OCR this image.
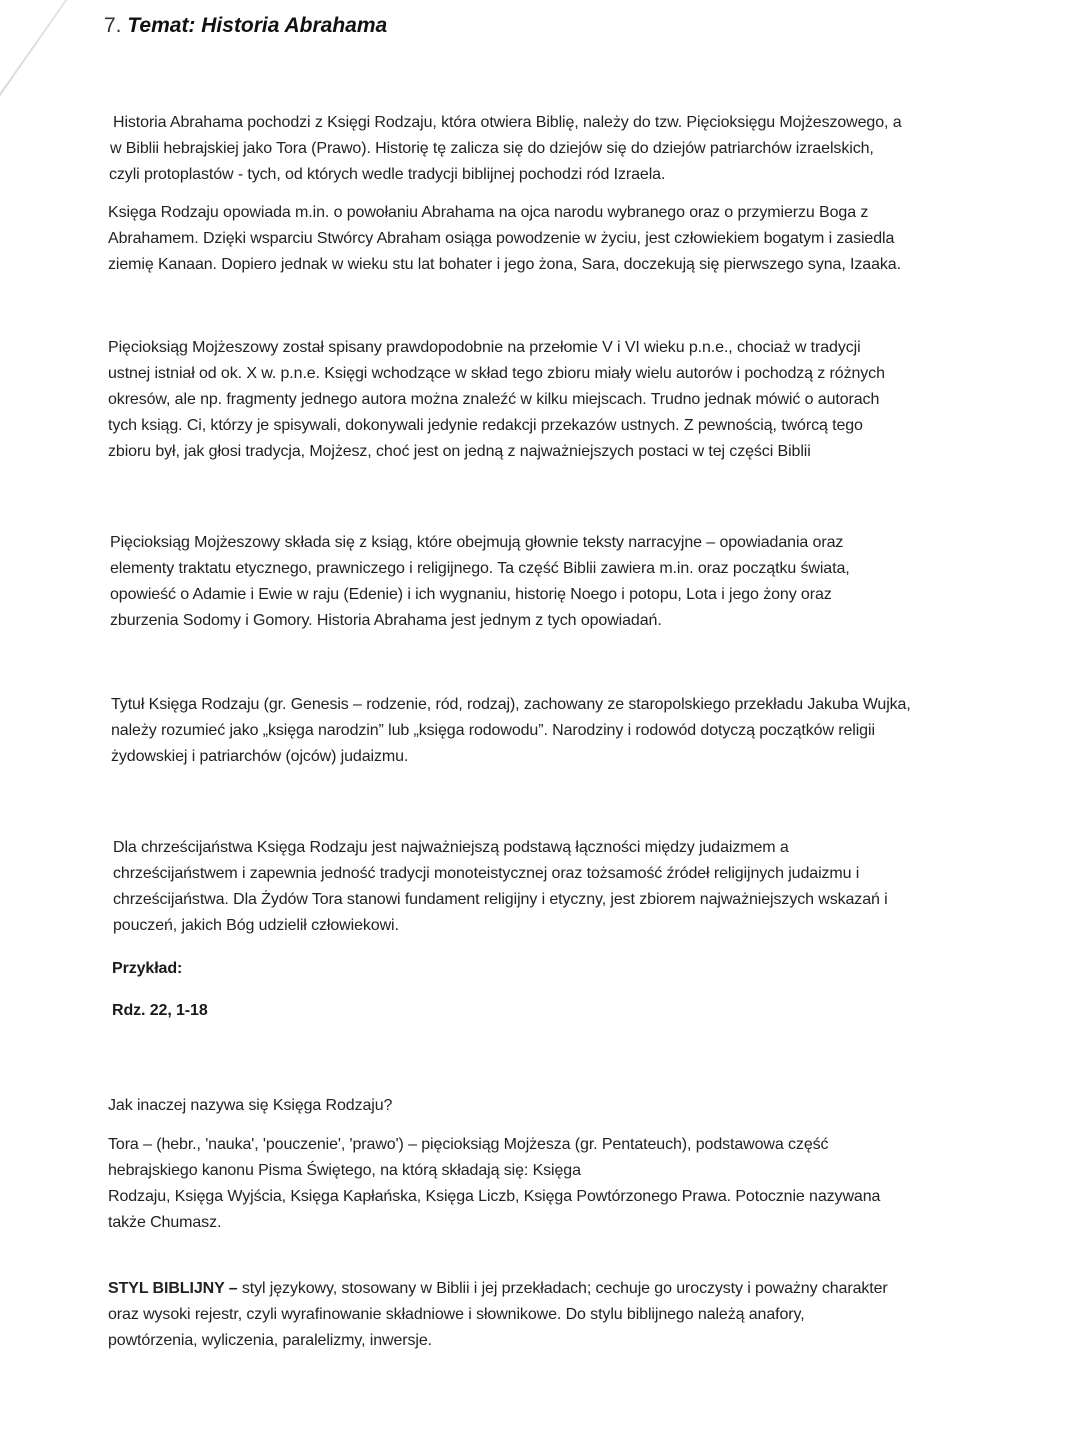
7. Temat: Historia Abrahama
Historia Abrahama pochodzi z Księgi Rodzaju, która otwiera Biblię, należy do tzw. Pięcioksięgu Mojżeszowego, a
w Biblii hebrajskiej jako Tora (Prawo). Historię tę zalicza się do dziejów się do dziejów patriarchów izraelskich,
czyli protoplastów - tych, od których wedle tradycji biblijnej pochodzi ród Izraela.
Księga Rodzaju opowiada m.in. o powołaniu Abrahama na ojca narodu wybranego oraz o przymierzu Boga z
Abrahamem. Dzięki wsparciu Stwórcy Abraham osiąga powodzenie w życiu, jest człowiekiem bogatym i zasiedla
ziemię Kanaan. Dopiero jednak w wieku stu lat bohater i jego żona, Sara, doczekują się pierwszego syna, Izaaka.
Pięcioksiąg Mojżeszowy został spisany prawdopodobnie na przełomie V i VI wieku p.n.e., chociaż w tradycji
ustnej istniał od ok. X w. p.n.e. Księgi wchodzące w skład tego zbioru miały wielu autorów i pochodzą z różnych
okresów, ale np. fragmenty jednego autora można znaleźć w kilku miejscach. Trudno jednak mówić o autorach
tych ksiąg. Ci, którzy je spisywali, dokonywali jedynie redakcji przekazów ustnych. Z pewnością, twórcą tego
zbioru był, jak głosi tradycja, Mojżesz, choć jest on jedną z najważniejszych postaci w tej części Biblii
Pięcioksiąg Mojżeszowy składa się z ksiąg, które obejmują głownie teksty narracyjne – opowiadania oraz
elementy traktatu etycznego, prawniczego i religijnego. Ta część Biblii zawiera m.in. oraz początku świata,
opowieść o Adamie i Ewie w raju (Edenie) i ich wygnaniu, historię Noego i potopu, Lota i jego żony oraz
zburzenia Sodomy i Gomory. Historia Abrahama jest jednym z tych opowiadań.
Tytuł Księga Rodzaju (gr. Genesis – rodzenie, ród, rodzaj), zachowany ze staropolskiego przekładu Jakuba Wujka,
należy rozumieć jako „księga narodzin” lub „księga rodowodu”. Narodziny i rodowód dotyczą początków religii
żydowskiej i patriarchów (ojców) judaizmu.
Dla chrześcijaństwa Księga Rodzaju jest najważniejszą podstawą łączności między judaizmem a
chrześcijaństwem i zapewnia jedność tradycji monoteistycznej oraz tożsamość źródeł religijnych judaizmu i
chrześcijaństwa. Dla Żydów Tora stanowi fundament religijny i etyczny, jest zbiorem najważniejszych wskazań i
pouczeń, jakich Bóg udzielił człowiekowi.
Przykład:
Rdz. 22, 1-18
Jak inaczej nazywa się Księga Rodzaju?
Tora – (hebr., 'nauka', 'pouczenie', 'prawo') – pięcioksiąg Mojżesza (gr. Pentateuch), podstawowa część
hebrajskiego kanonu Pisma Świętego, na którą składają się: Księga
Rodzaju, Księga Wyjścia, Księga Kapłańska, Księga Liczb, Księga Powtórzonego Prawa. Potocznie nazywana
także Chumasz.
STYL BIBLIJNY – styl językowy, stosowany w Biblii i jej przekładach; cechuje go uroczysty i poważny charakter
oraz wysoki rejestr, czyli wyrafinowanie składniowe i słownikowe. Do stylu biblijnego należą anafory,
powtórzenia, wyliczenia, paralelizmy, inwersje.
